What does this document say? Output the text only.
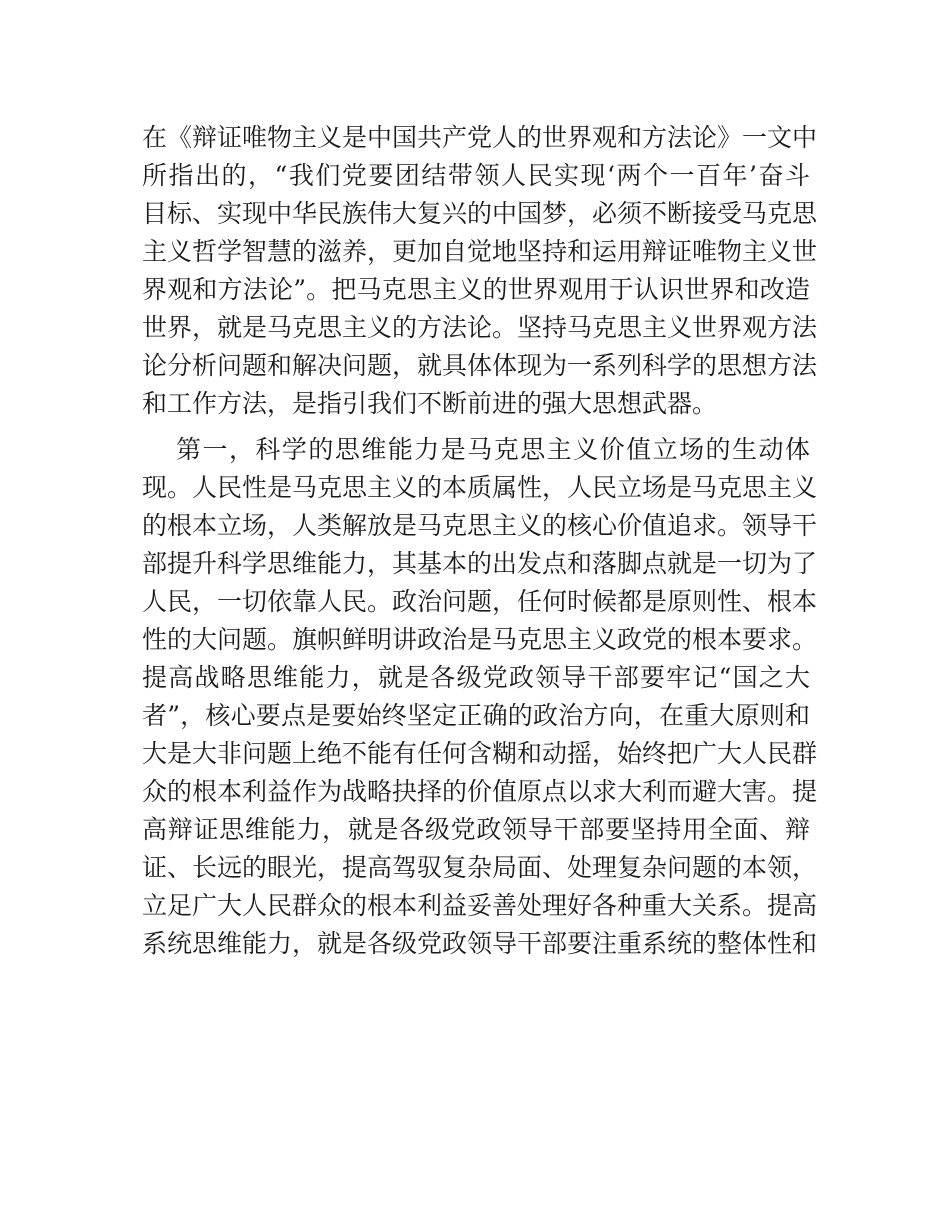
在《辩证唯物主义是中国共产党人的世界观和方法论》一文中
所指出的，“我们党要团结带领人民实现‘两个一百年’奋斗
目标、实现中华民族伟大复兴的中国梦，必须不断接受马克思
主义哲学智慧的滋养，更加自觉地坚持和运用辩证唯物主义世
界观和方法论”。把马克思主义的世界观用于认识世界和改造
世界，就是马克思主义的方法论。坚持马克思主义世界观方法
论分析问题和解决问题，就具体体现为一系列科学的思想方法
和工作方法，是指引我们不断前进的强大思想武器。
第一，科学的思维能力是马克思主义价值立场的生动体
现。人民性是马克思主义的本质属性，人民立场是马克思主义
的根本立场，人类解放是马克思主义的核心价值追求。领导干
部提升科学思维能力，其基本的出发点和落脚点就是一切为了
人民，一切依靠人民。政治问题，任何时候都是原则性、根本
性的大问题。旗帜鲜明讲政治是马克思主义政党的根本要求。
提高战略思维能力，就是各级党政领导干部要牢记“国之大
者”，核心要点是要始终坚定正确的政治方向，在重大原则和
大是大非问题上绝不能有任何含糊和动摇，始终把广大人民群
众的根本利益作为战略抉择的价值原点以求大利而避大害。提
高辩证思维能力，就是各级党政领导干部要坚持用全面、辩
证、长远的眼光，提高驾驭复杂局面、处理复杂问题的本领，
立足广大人民群众的根本利益妥善处理好各种重大关系。提高
系统思维能力，就是各级党政领导干部要注重系统的整体性和
